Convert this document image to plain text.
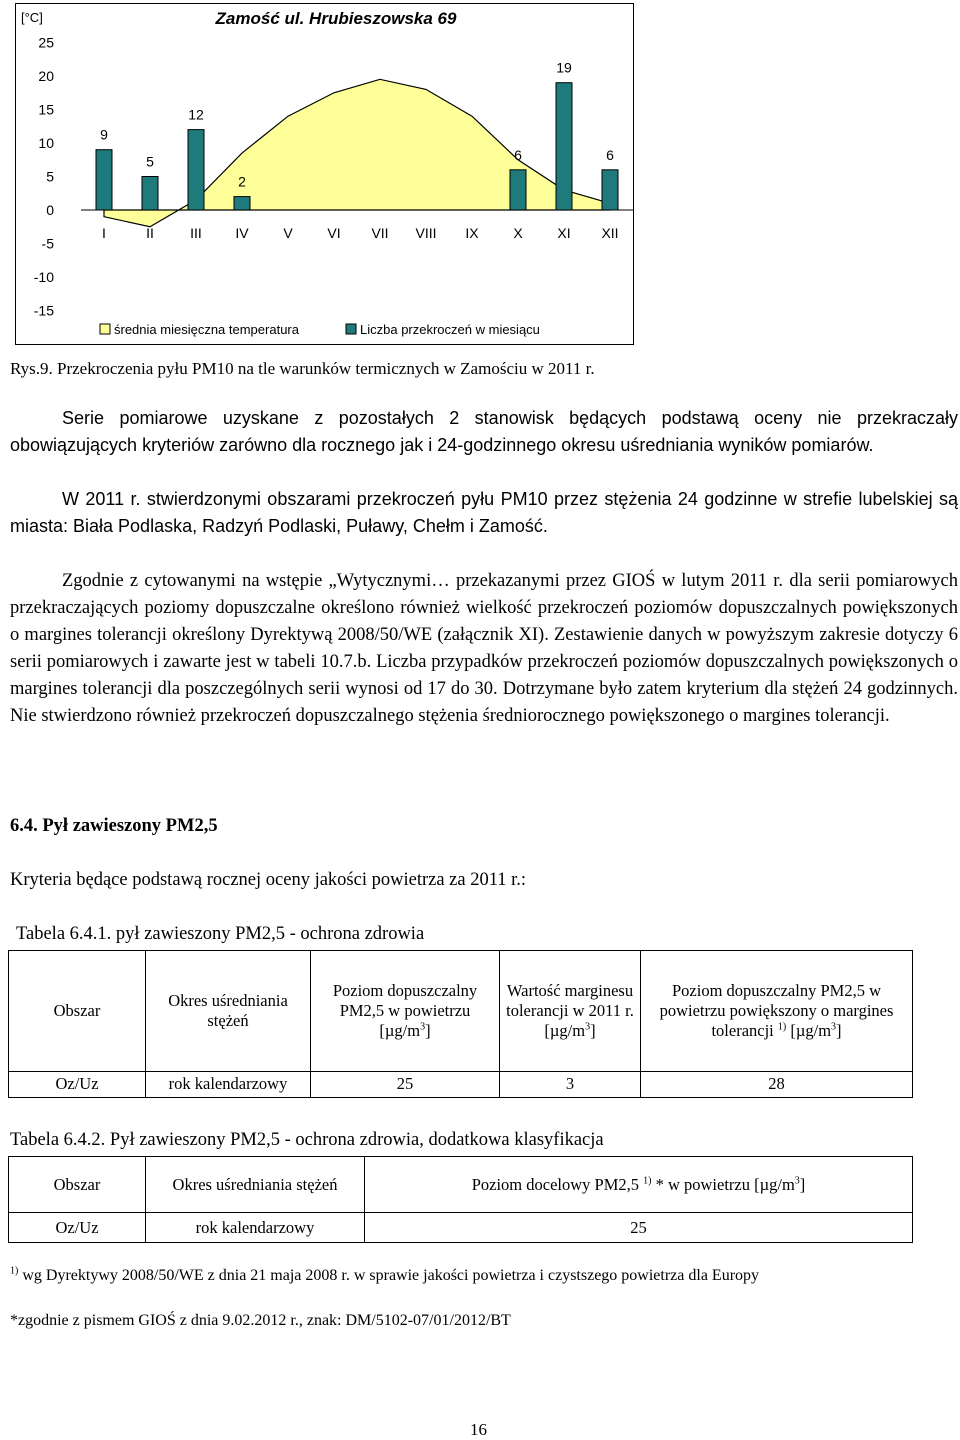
9
5
12
2
6
19
6
I	II	III IV V VI VII VIII IX X XI XII
25
20
15
10
5
0
-5
-10
-15
[°C]	Zamość ul. Hrubieszowska 69
średnia miesięczna temperatura	Liczba przekroczeń w miesiącu
Rys.9. Przekroczenia pyłu PM10 na tle warunków termicznych w Zamościu w 2011 r.

Serie pomiarowe uzyskane z pozostałych 2 stanowisk będących podstawą oceny nie przekraczały obowiązujących kryteriów zarówno dla rocznego jak i 24-godzinnego okresu uśredniania wyników pomiarów.

W 2011 r. stwierdzonymi obszarami przekroczeń pyłu PM10 przez stężenia 24 godzinne w strefie lubelskiej są miasta: Biała Podlaska, Radzyń Podlaski, Puławy, Chełm i Zamość.

Zgodnie z cytowanymi na wstępie „Wytycznymi… przekazanymi przez GIOŚ w lutym 2011 r. dla serii pomiarowych przekraczających poziomy dopuszczalne określono również wielkość przekroczeń poziomów dopuszczalnych powiększonych o margines tolerancji określony Dyrektywą 2008/50/WE (załącznik XI). Zestawienie danych w powyższym zakresie dotyczy 6 serii pomiarowych i zawarte jest w tabeli 10.7.b. Liczba przypadków przekroczeń poziomów dopuszczalnych powiększonych o margines tolerancji dla poszczególnych serii wynosi od 17 do 30. Dotrzymane było zatem kryterium dla stężeń 24 godzinnych. Nie stwierdzono również przekroczeń dopuszczalnego stężenia średniorocznego powiększonego o margines tolerancji.

6.4. Pył zawieszony PM2,5
Kryteria będące podstawą rocznej oceny jakości powietrza za 2011 r.:
Tabela 6.4.1. pył zawieszony PM2,5 - ochrona zdrowia
Obszar	Okres uśredniania stężeń	Poziom dopuszczalny PM2,5 w powietrzu $[\mu g/m^3]$	Wartość marginesu tolerancji w 2011 r. $[\mu g/m^3]$	Poziom dopuszczalny PM2,5 w powietrzu powiększony o margines tolerancji $^{1)}$ $[\mu g/m^3]$
Oz/Uz	rok kalendarzowy	25	3	28
Tabela 6.4.2. Pył zawieszony PM2,5 - ochrona zdrowia, dodatkowa klasyfikacja
Obszar	Okres uśredniania stężeń	Poziom docelowy PM2,5 $^{1)}$ * w powietrzu $[\mu g/m^3]$
Oz/Uz	rok kalendarzowy	25
$^{1)}$ wg Dyrektywy 2008/50/WE z dnia 21 maja 2008 r. w sprawie jakości powietrza i czystszego powietrza dla Europy
*zgodnie z pismem GIOŚ z dnia 9.02.2012 r., znak: DM/5102-07/01/2012/BT
16
